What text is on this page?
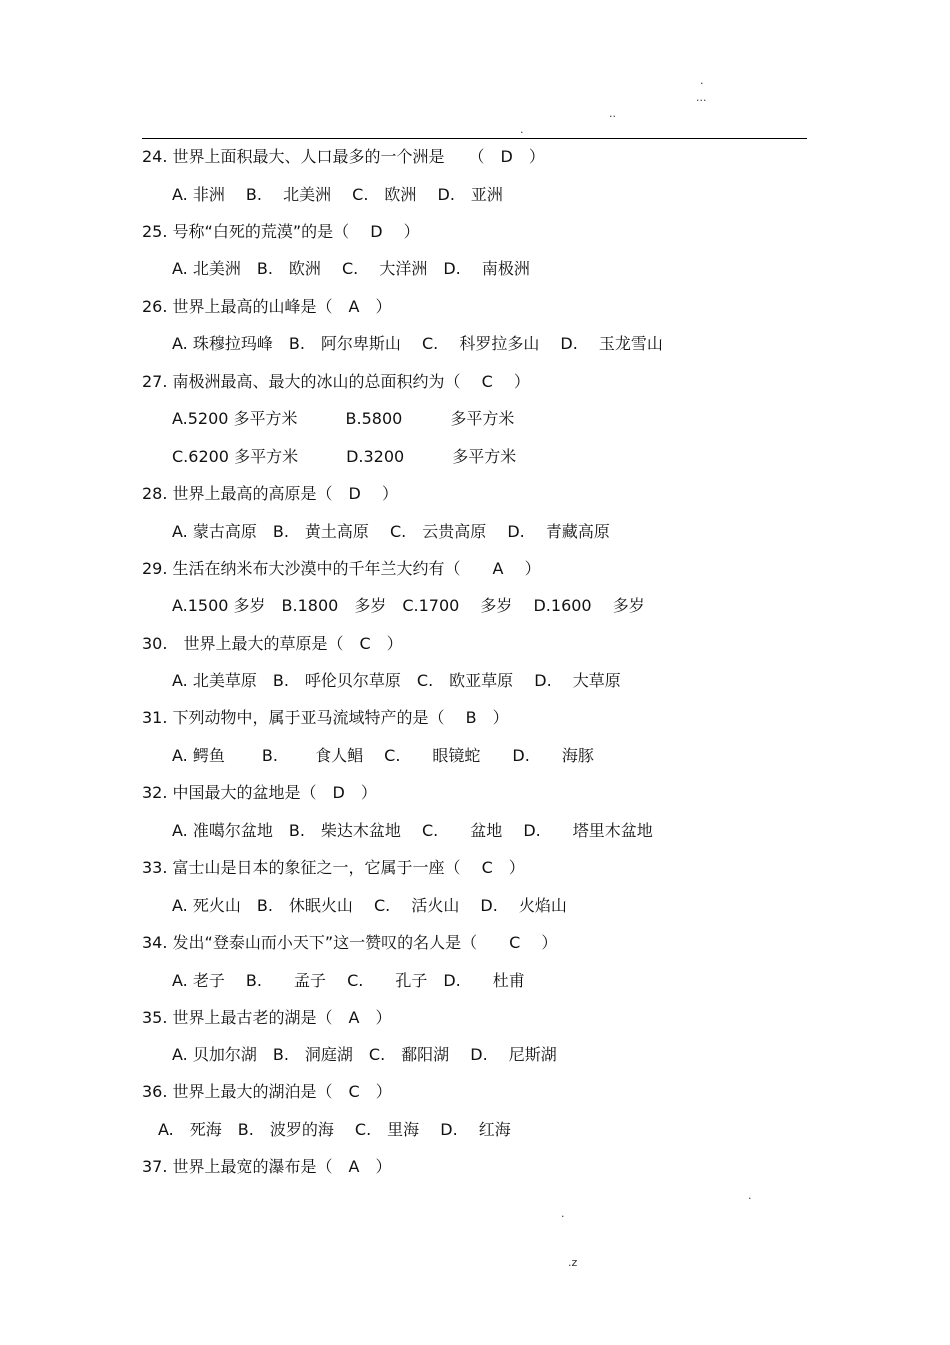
.
...
..
.
24. 世界上面积最大、人口最多的一个洲是　　（　D　）
A. 非洲　 B.　 北美洲　 C.　欧洲　 D.　亚洲
25. 号称“白死的荒漠”的是（　 D　 ）
A. 北美洲　B.　欧洲　 C.　 大洋洲　D.　 南极洲
26. 世界上最高的山峰是（　A　）
A. 珠穆拉玛峰　B.　阿尔卑斯山　 C.　 科罗拉多山　 D.　 玉龙雪山
27. 南极洲最高、最大的冰山的总面积约为（　 C　 ）
A.5200 多平方米　　　B.5800　　　多平方米
C.6200 多平方米　　　D.3200　　　多平方米
28. 世界上最高的高原是（　D　 ）
A. 蒙古高原　B.　黄土高原　 C.　云贵高原　 D.　 青藏高原
29. 生活在纳米布大沙漠中的千年兰大约有（　　A　 ）
A.1500 多岁　B.1800　多岁　C.1700　 多岁　 D.1600　 多岁
30.　世界上最大的草原是（　C　）
A. 北美草原　B.　呼伦贝尔草原　C.　欧亚草原　 D.　 大草原
31. 下列动物中，属于亚马流域特产的是（　 B　）
A. 鳄鱼　　 B.　　 食人鲳　 C.　　眼镜蛇　　D.　　海豚
32. 中国最大的盆地是（　D　）
A. 准噶尔盆地　B.　柴达木盆地　 C.　　盆地　 D.　　塔里木盆地
33. 富士山是日本的象征之一，它属于一座（　 C　）
A. 死火山　B.　休眠火山　 C.　 活火山　 D.　 火焰山
34. 发出“登泰山而小天下”这一赞叹的名人是（　　C　 ）
A. 老子　 B.　　孟子　 C.　　孔子　D.　　杜甫
35. 世界上最古老的湖是（　A　）
A. 贝加尔湖　B.　洞庭湖　C.　鄱阳湖　 D.　 尼斯湖
36. 世界上最大的湖泊是（　C　）
A.　死海　B.　波罗的海　 C.　里海　 D.　 红海
37. 世界上最宽的瀑布是（　A　）
.
.
.z
